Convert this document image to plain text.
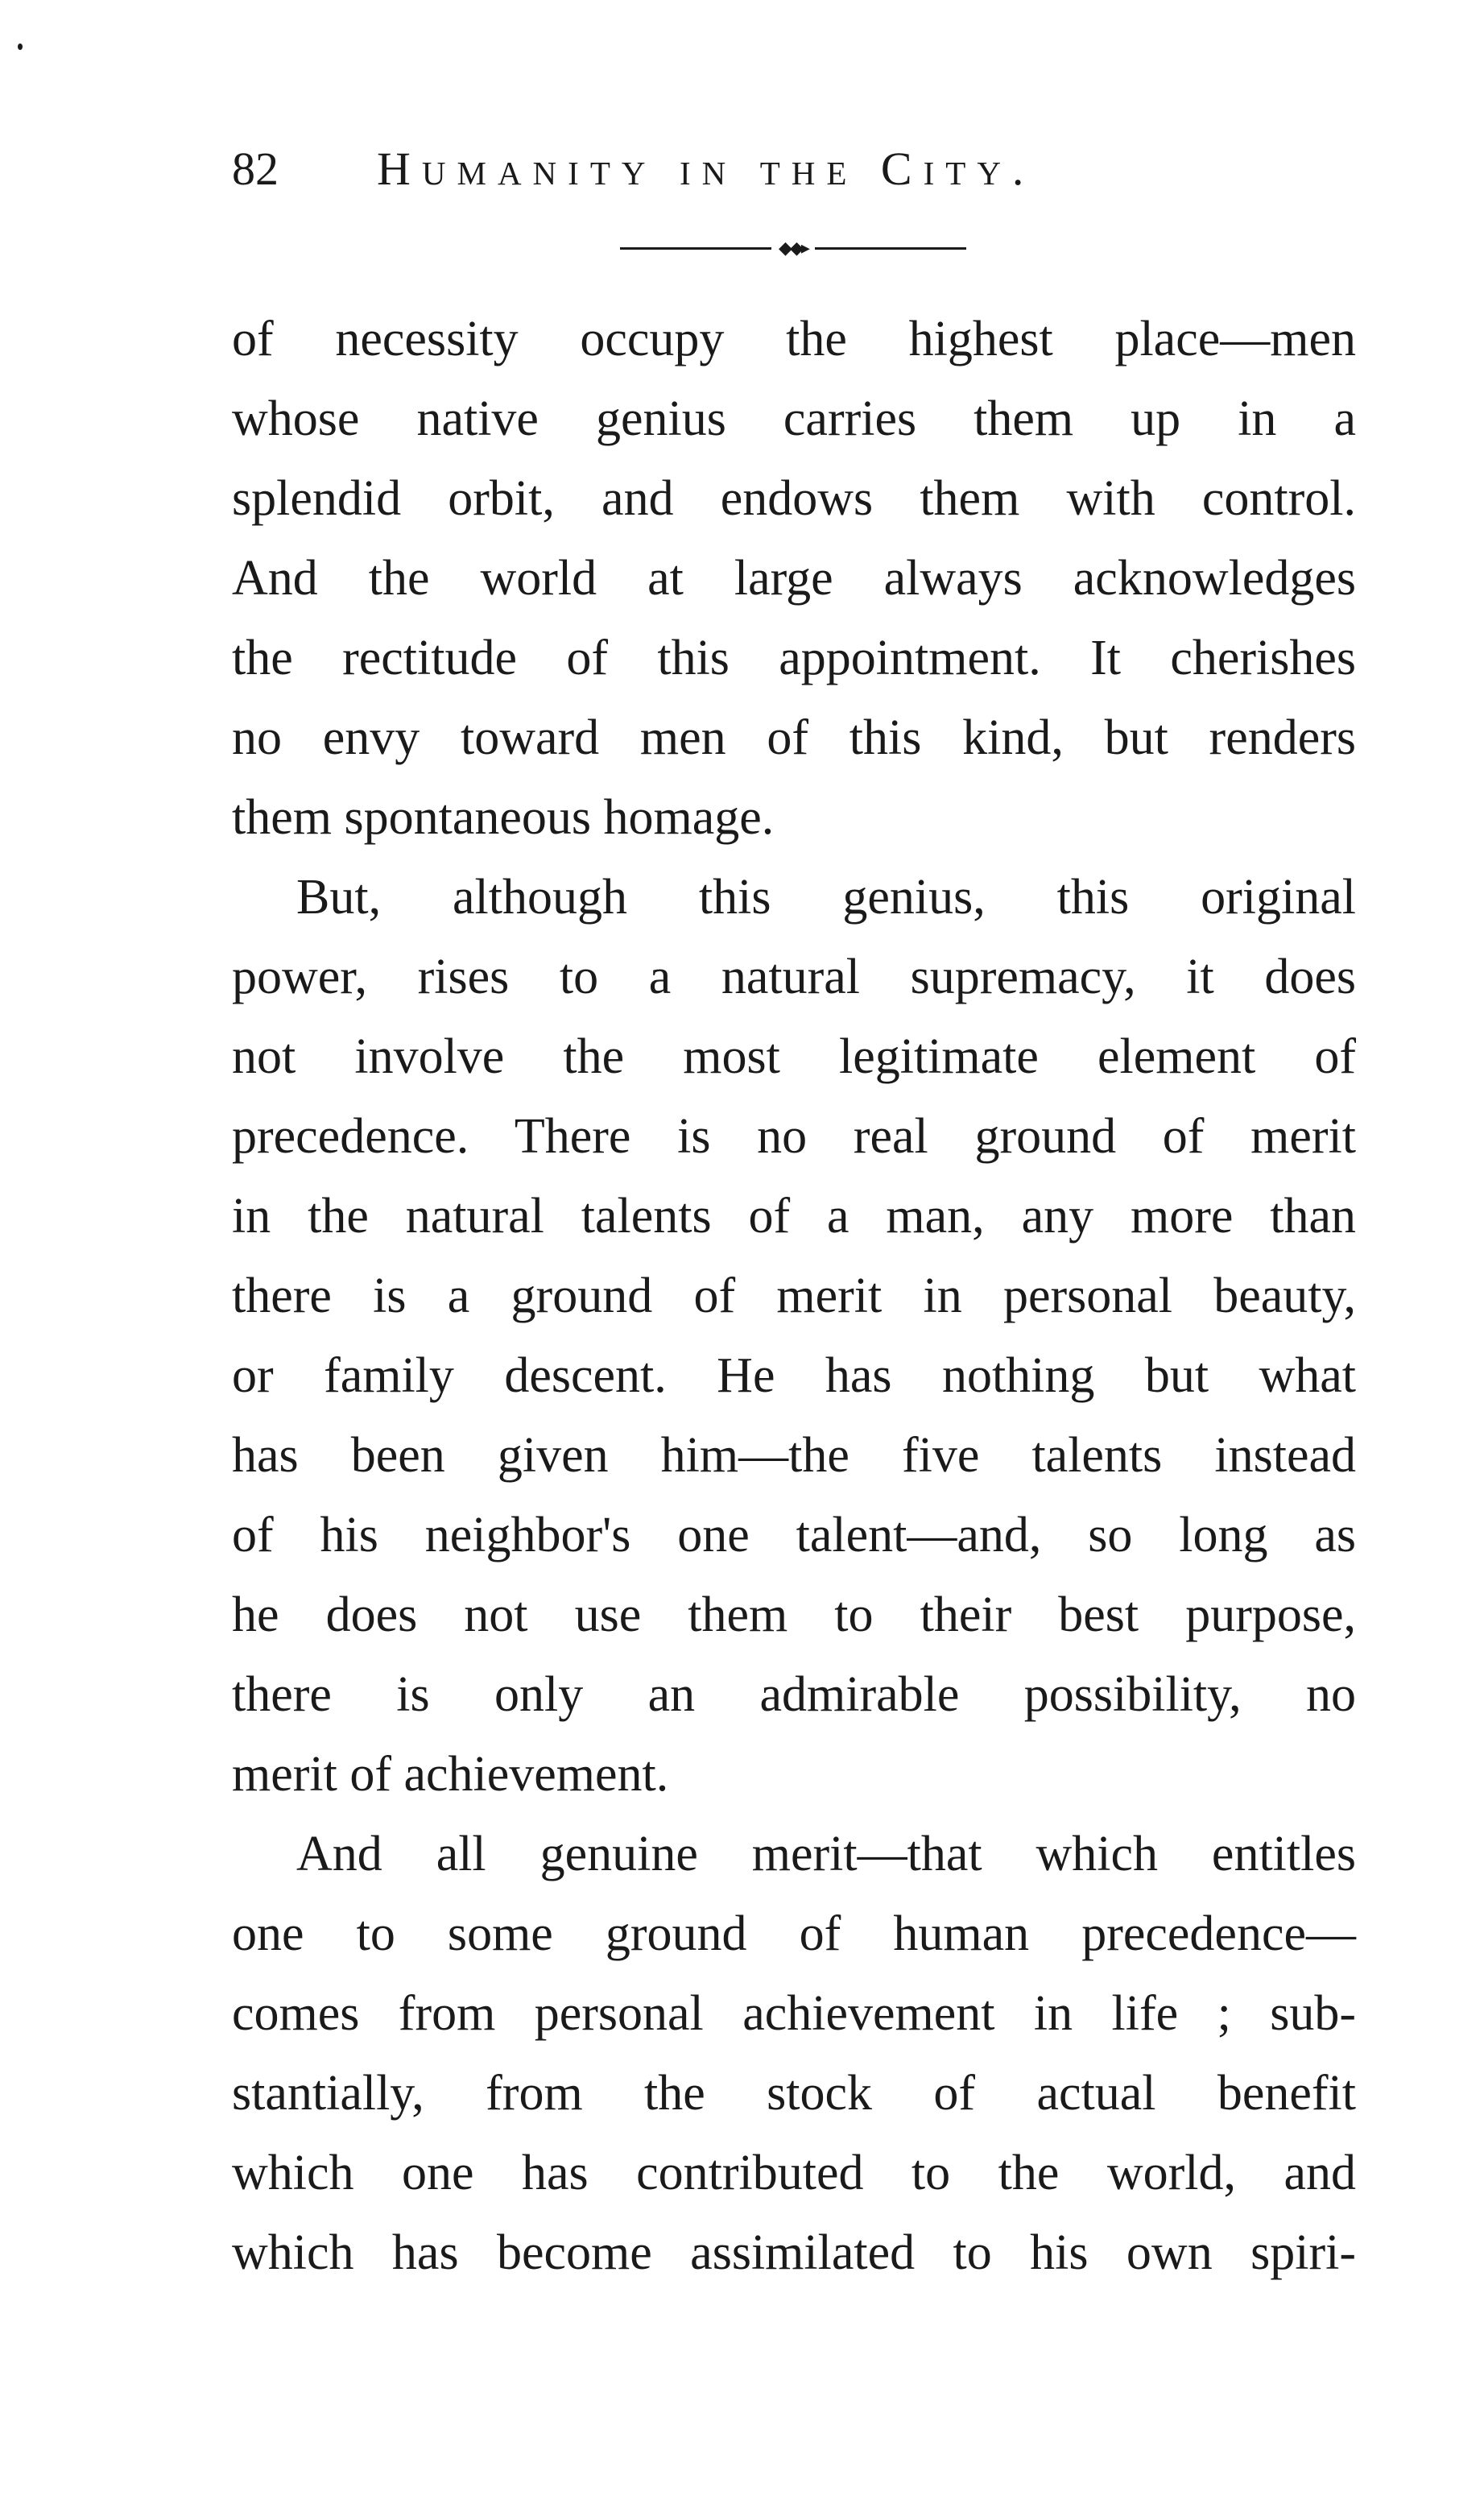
82 Humanity in the City.
◆◆▸
of necessity occupy the highest place—men
whose native genius carries them up in a
splendid orbit, and endows them with control.
And the world at large always acknowledges
the rectitude of this appointment. It cherishes
no envy toward men of this kind, but renders
them spontaneous homage.
But, although this genius, this original
power, rises to a natural supremacy, it does
not involve the most legitimate element of
precedence. There is no real ground of merit
in the natural talents of a man, any more than
there is a ground of merit in personal beauty,
or family descent. He has nothing but what
has been given him—the five talents instead
of his neighbor's one talent—and, so long as
he does not use them to their best purpose,
there is only an admirable possibility, no
merit of achievement.
And all genuine merit—that which entitles
one to some ground of human precedence—
comes from personal achievement in life ; sub-
stantially, from the stock of actual benefit
which one has contributed to the world, and
which has become assimilated to his own spiri-
